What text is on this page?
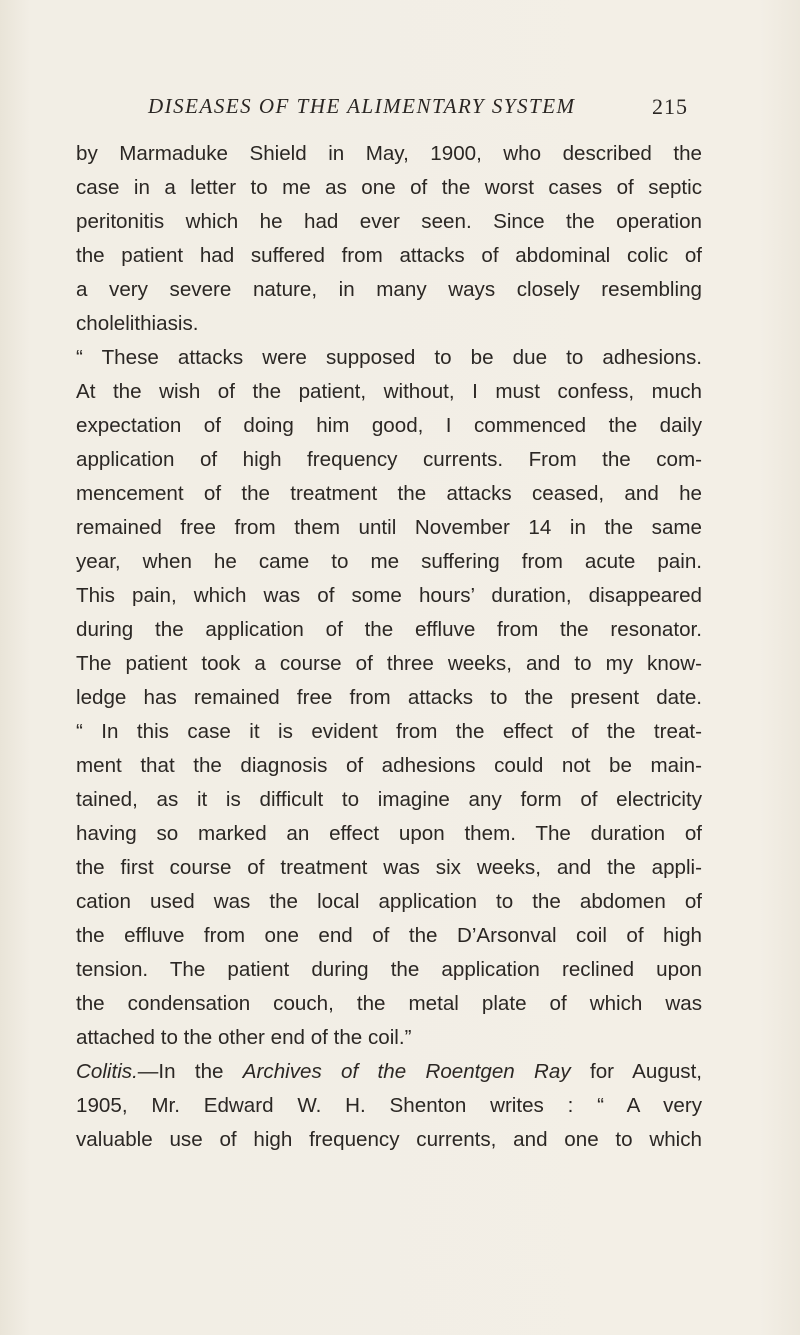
DISEASES OF THE ALIMENTARY SYSTEM	215
by Marmaduke Shield in May, 1900, who described the
case in a letter to me as one of the worst cases of septic
peritonitis which he had ever seen. Since the operation
the patient had suffered from attacks of abdominal colic of
a very severe nature, in many ways closely resembling
cholelithiasis.
“ These attacks were supposed to be due to adhesions.
At the wish of the patient, without, I must confess, much
expectation of doing him good, I commenced the daily
application of high frequency currents. From the com-
mencement of the treatment the attacks ceased, and he
remained free from them until November 14 in the same
year, when he came to me suffering from acute pain.
This pain, which was of some hours’ duration, disappeared
during the application of the effluve from the resonator.
The patient took a course of three weeks, and to my know-
ledge has remained free from attacks to the present date.
“ In this case it is evident from the effect of the treat-
ment that the diagnosis of adhesions could not be main-
tained, as it is difficult to imagine any form of electricity
having so marked an effect upon them. The duration of
the first course of treatment was six weeks, and the appli-
cation used was the local application to the abdomen of
the effluve from one end of the D’Arsonval coil of high
tension. The patient during the application reclined upon
the condensation couch, the metal plate of which was
attached to the other end of the coil.”
Colitis.—In the Archives of the Roentgen Ray for August,
1905, Mr. Edward W. H. Shenton writes : “ A very
valuable use of high frequency currents, and one to which
